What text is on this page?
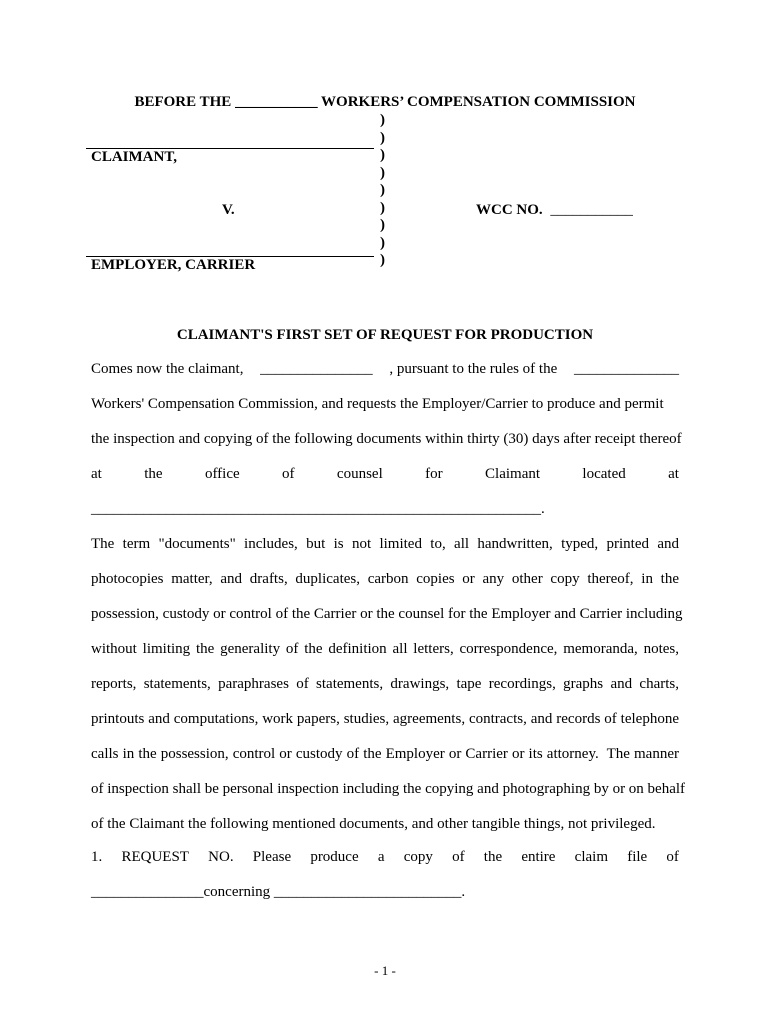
BEFORE THE ___________ WORKERS’ COMPENSATION COMMISSION
)
)
)
)
)
)
)
)
)
CLAIMANT,
V.	WCC NO. ___________
EMPLOYER, CARRIER
CLAIMANT'S FIRST SET OF REQUEST FOR PRODUCTION
Comes now the claimant, _______________ , pursuant to the rules of the ______________
Workers' Compensation Commission, and requests the Employer/Carrier to produce and permit
the inspection and copying of the following documents within thirty (30) days after receipt thereof
at	the	office	of	counsel	for	Claimant	located	at
____________________________________________________________.
The term "documents" includes, but is not limited to, all handwritten, typed, printed and
photocopies matter, and drafts, duplicates, carbon copies or any other copy thereof, in the
possession, custody or control of the Carrier or the counsel for the Employer and Carrier including
without limiting the generality of the definition all letters, correspondence, memoranda, notes,
reports, statements, paraphrases of statements, drawings, tape recordings, graphs and charts,
printouts and computations, work papers, studies, agreements, contracts, and records of telephone
calls in the possession, control or custody of the Employer or Carrier or its attorney.  The manner
of inspection shall be personal inspection including the copying and photographing by or on behalf
of the Claimant the following mentioned documents, and other tangible things, not privileged.
1. REQUEST NO. Please produce a copy of the entire claim file of
_______________concerning _________________________.
- 1 -
